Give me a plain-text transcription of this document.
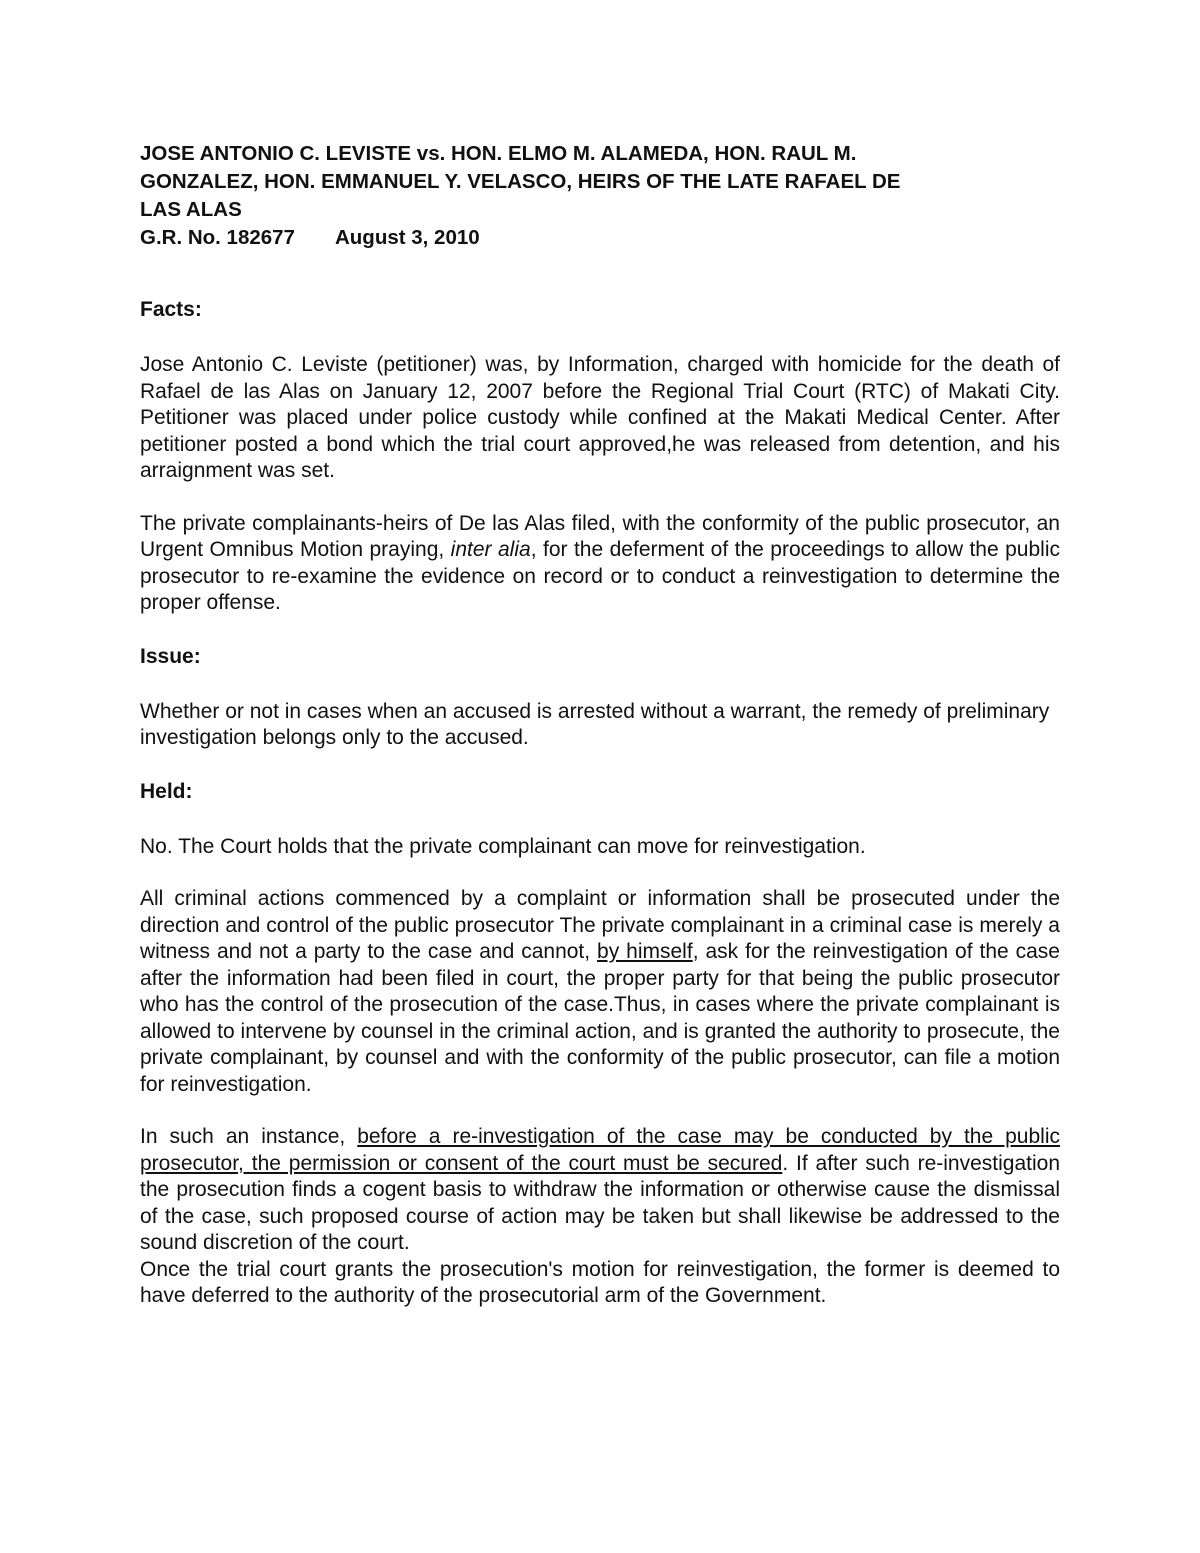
JOSE ANTONIO C. LEVISTE vs. HON. ELMO M. ALAMEDA, HON. RAUL M.
GONZALEZ, HON. EMMANUEL Y. VELASCO, HEIRS OF THE LATE RAFAEL DE
LAS ALAS
G.R. No. 182677 August 3, 2010
Facts:

Jose Antonio C. Leviste (petitioner) was, by Information, charged with homicide for the death of Rafael de las Alas on January 12, 2007 before the Regional Trial Court (RTC) of Makati City. Petitioner was placed under police custody while confined at the Makati Medical Center. After petitioner posted a bond which the trial court approved,he was released from detention, and his arraignment was set.

The private complainants-heirs of De las Alas filed, with the conformity of the public prosecutor, an Urgent Omnibus Motion praying, inter alia, for the deferment of the proceedings to allow the public prosecutor to re-examine the evidence on record or to conduct a reinvestigation to determine the proper offense.

Issue:

Whether or not in cases when an accused is arrested without a warrant, the remedy of preliminary investigation belongs only to the accused.

Held:

No. The Court holds that the private complainant can move for reinvestigation.

All criminal actions commenced by a complaint or information shall be prosecuted under the direction and control of the public prosecutor The private complainant in a criminal case is merely a witness and not a party to the case and cannot, by himself, ask for the reinvestigation of the case after the information had been filed in court, the proper party for that being the public prosecutor who has the control of the prosecution of the case.Thus, in cases where the private complainant is allowed to intervene by counsel in the criminal action, and is granted the authority to prosecute, the private complainant, by counsel and with the conformity of the public prosecutor, can file a motion for reinvestigation.

In such an instance, before a re-investigation of the case may be conducted by the public prosecutor, the permission or consent of the court must be secured. If after such re-investigation the prosecution finds a cogent basis to withdraw the information or otherwise cause the dismissal of the case, such proposed course of action may be taken but shall likewise be addressed to the sound discretion of the court.

Once the trial court grants the prosecution's motion for reinvestigation, the former is deemed to have deferred to the authority of the prosecutorial arm of the Government.
